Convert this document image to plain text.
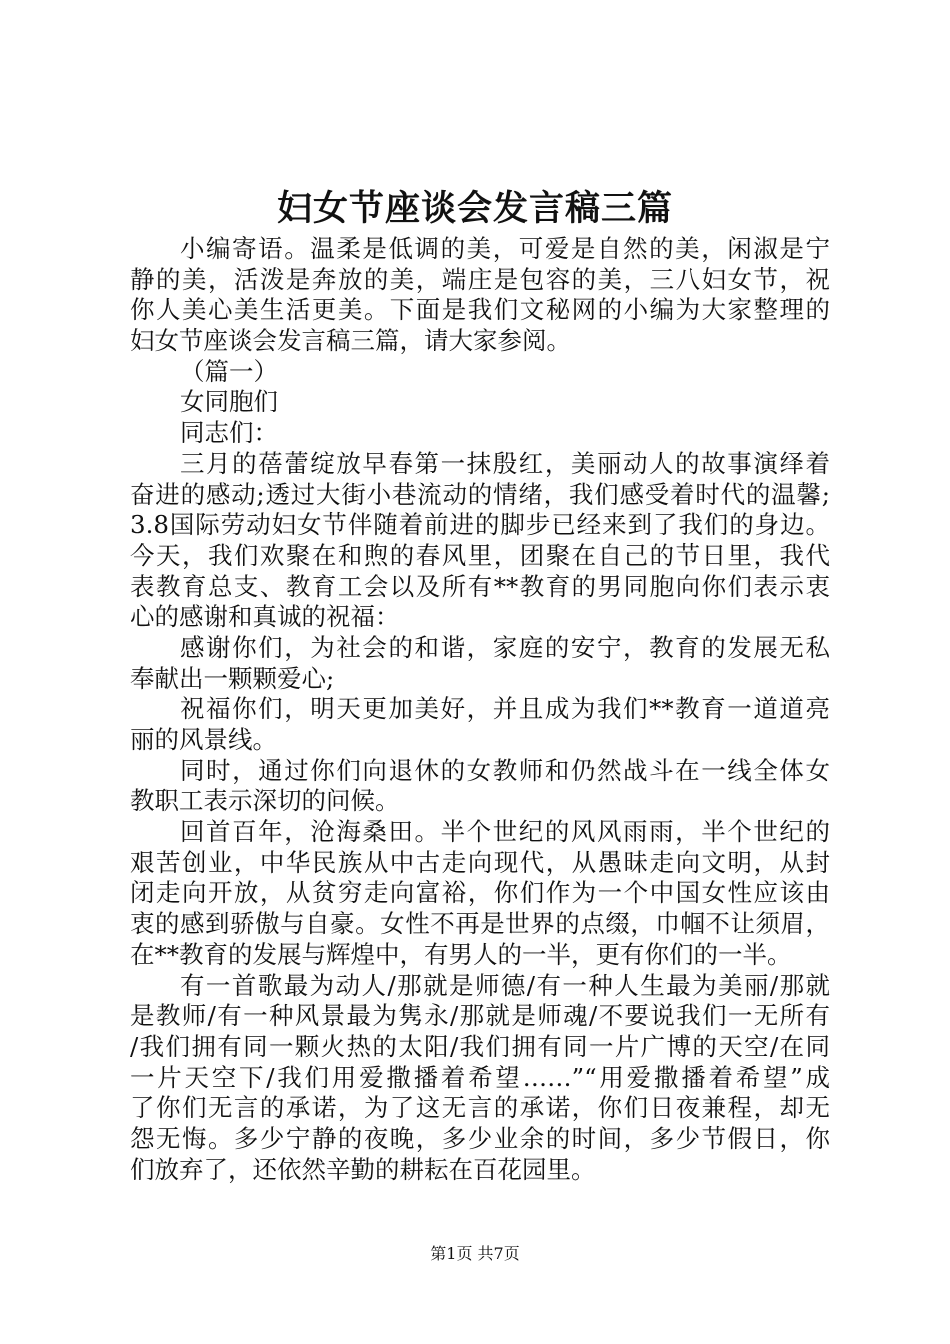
妇女节座谈会发言稿三篇
小编寄语。温柔是低调的美，可爱是自然的美，闲淑是宁
静的美，活泼是奔放的美，端庄是包容的美，三八妇女节，祝
你人美心美生活更美。下面是我们文秘网的小编为大家整理的
妇女节座谈会发言稿三篇，请大家参阅。
（篇一）
女同胞们
同志们：
三月的蓓蕾绽放早春第一抹殷红，美丽动人的故事演绎着
奋进的感动;透过大街小巷流动的情绪，我们感受着时代的温馨;
3.8国际劳动妇女节伴随着前进的脚步已经来到了我们的身边。
今天，我们欢聚在和煦的春风里，团聚在自己的节日里，我代
表教育总支、教育工会以及所有**教育的男同胞向你们表示衷
心的感谢和真诚的祝福：
感谢你们，为社会的和谐，家庭的安宁，教育的发展无私
奉献出一颗颗爱心;
祝福你们，明天更加美好，并且成为我们**教育一道道亮
丽的风景线。
同时，通过你们向退休的女教师和仍然战斗在一线全体女
教职工表示深切的问候。
回首百年，沧海桑田。半个世纪的风风雨雨，半个世纪的
艰苦创业，中华民族从中古走向现代，从愚昧走向文明，从封
闭走向开放，从贫穷走向富裕，你们作为一个中国女性应该由
衷的感到骄傲与自豪。女性不再是世界的点缀，巾帼不让须眉，
在**教育的发展与辉煌中，有男人的一半，更有你们的一半。
有一首歌最为动人/那就是师德/有一种人生最为美丽/那就
是教师/有一种风景最为隽永/那就是师魂/不要说我们一无所有
/我们拥有同一颗火热的太阳/我们拥有同一片广博的天空/在同
一片天空下/我们用爱撒播着希望……”“用爱撒播着希望”成
了你们无言的承诺，为了这无言的承诺，你们日夜兼程，却无
怨无悔。多少宁静的夜晚，多少业余的时间，多少节假日，你
们放弃了，还依然辛勤的耕耘在百花园里。
第1页 共7页
